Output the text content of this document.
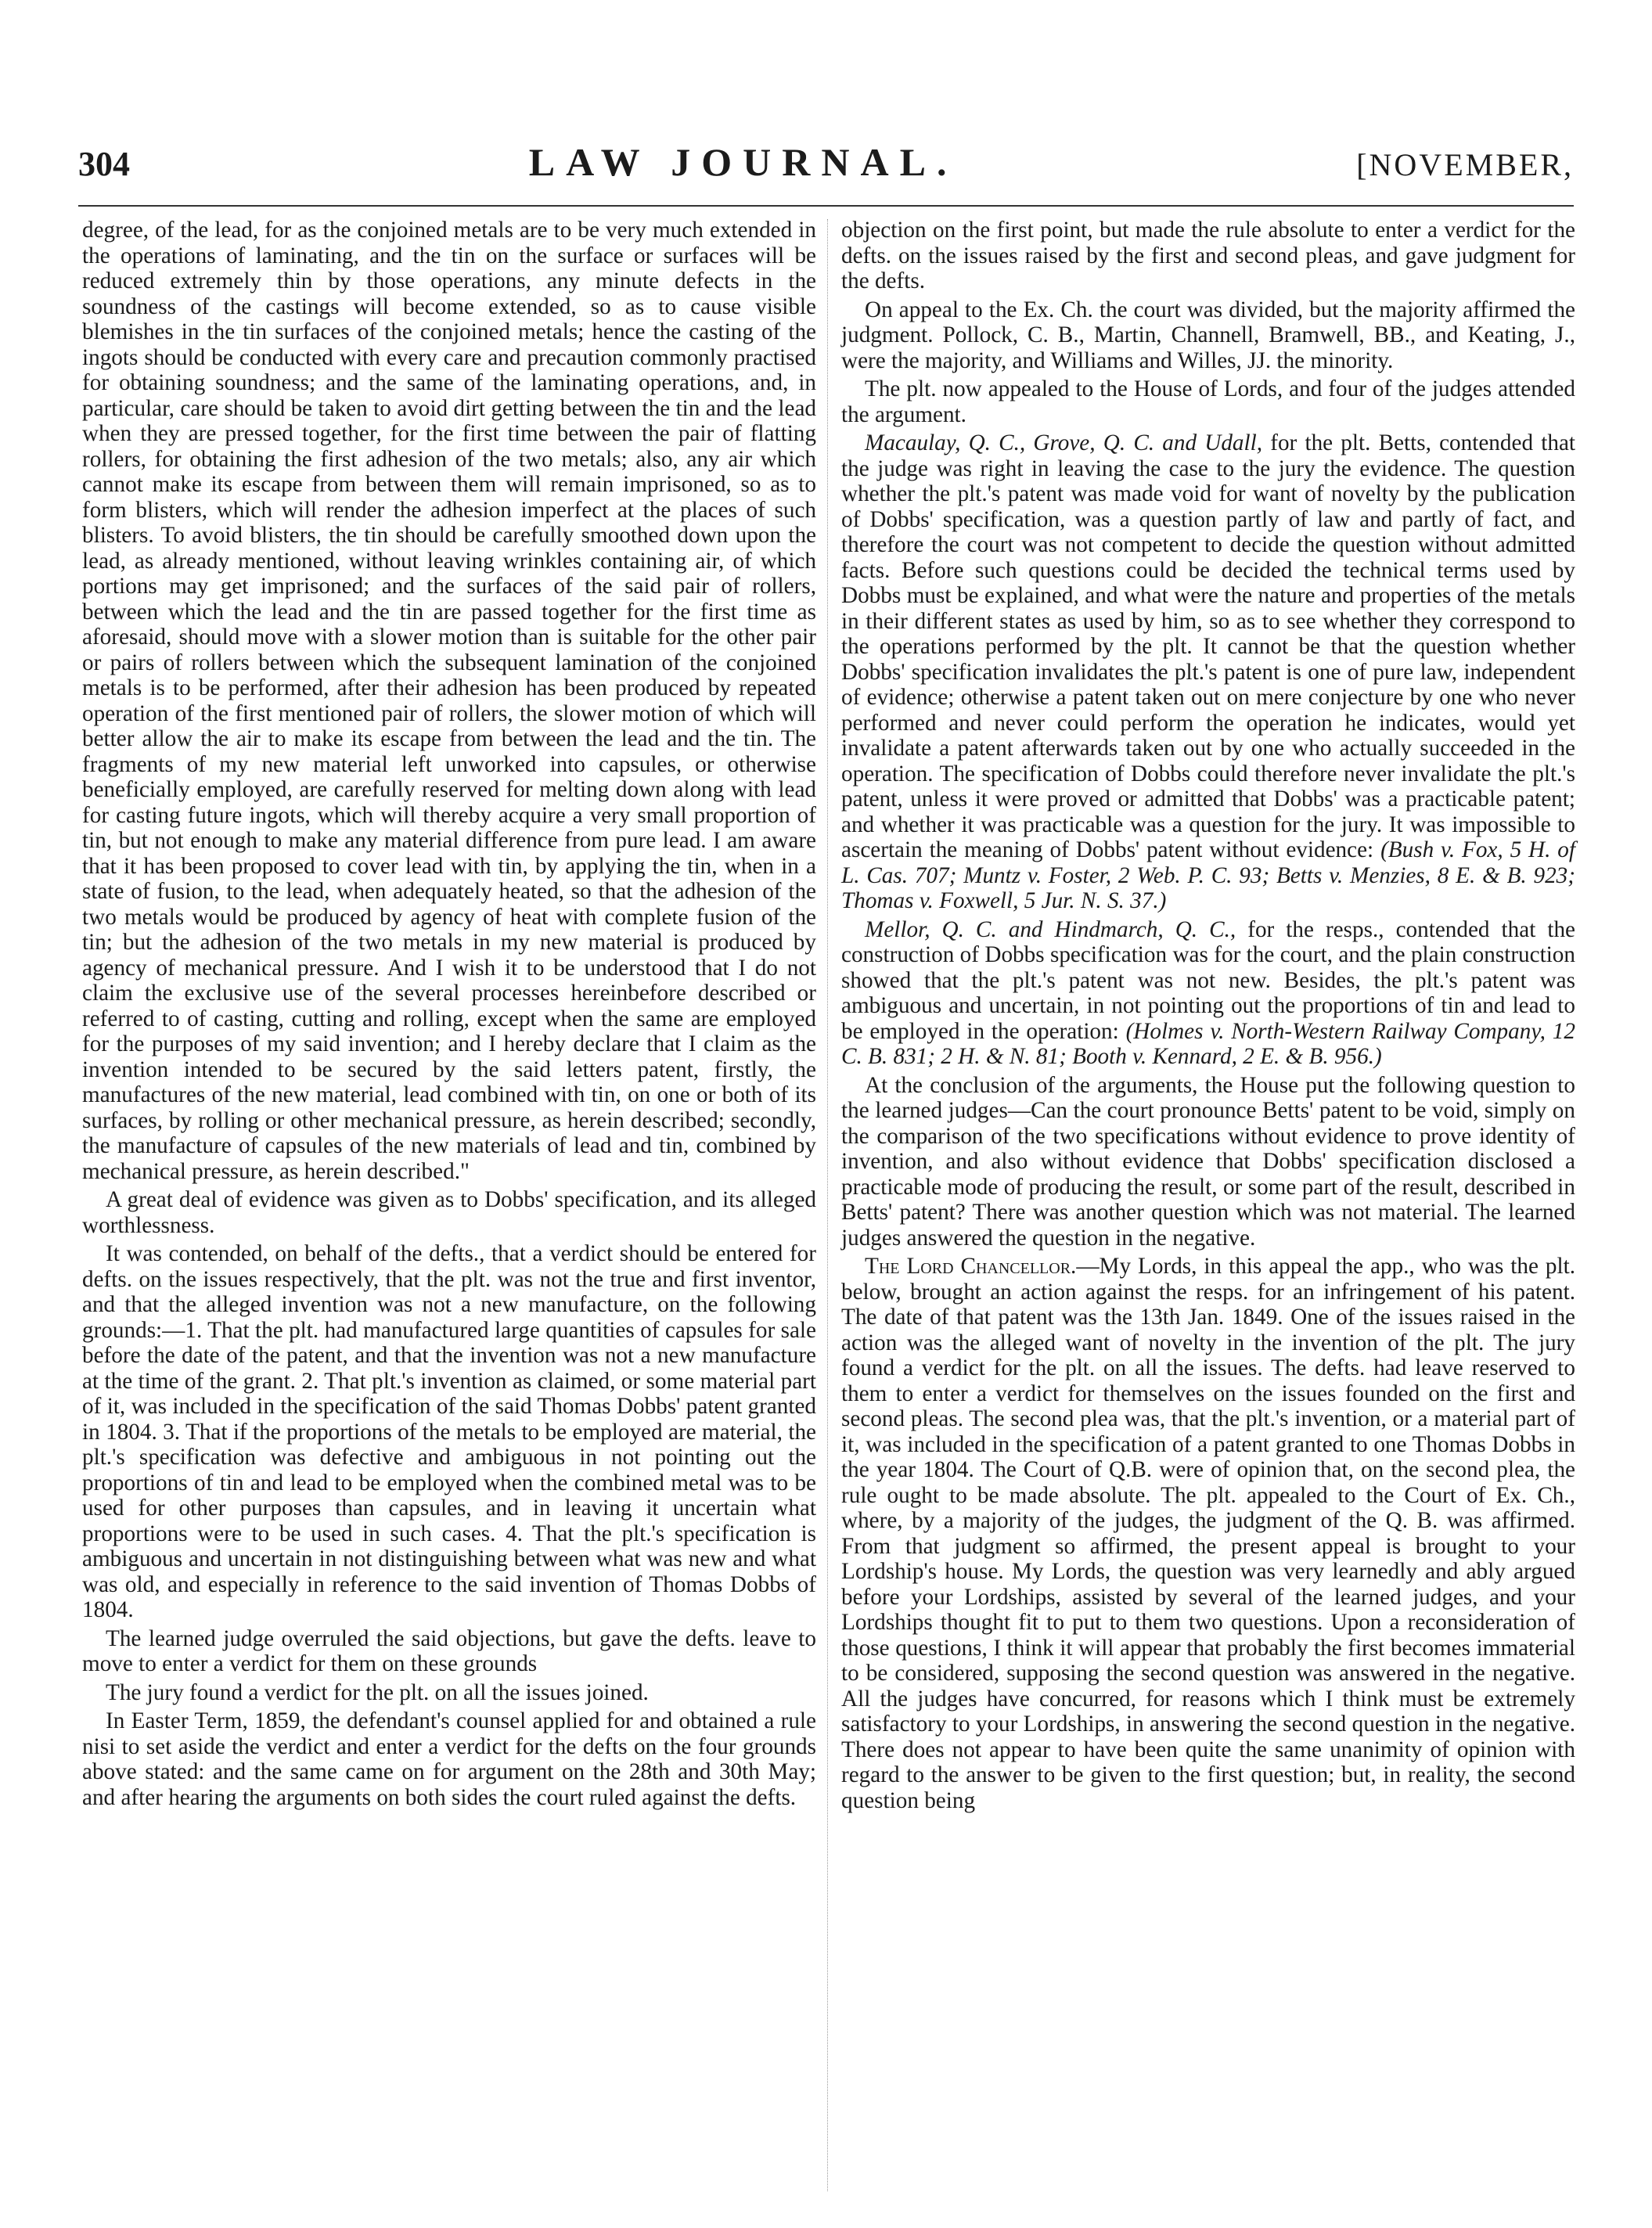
304	LAW JOURNAL.	[NOVEMBER,

degree, of the lead, for as the conjoined metals are to be very much extended in the operations of laminating, and the tin on the surface or surfaces will be reduced extremely thin by those operations, any minute defects in the soundness of the castings will become extended, so as to cause visible blemishes in the tin surfaces of the conjoined metals; hence the casting of the ingots should be conducted with every care and precaution commonly practised for obtaining soundness; and the same of the laminating operations, and, in particular, care should be taken to avoid dirt getting between the tin and the lead when they are pressed together, for the first time between the pair of flatting rollers, for obtaining the first adhesion of the two metals; also, any air which cannot make its escape from between them will remain imprisoned, so as to form blisters, which will render the adhesion imperfect at the places of such blisters. To avoid blisters, the tin should be carefully smoothed down upon the lead, as already mentioned, without leaving wrinkles containing air, of which portions may get imprisoned; and the surfaces of the said pair of rollers, between which the lead and the tin are passed together for the first time as aforesaid, should move with a slower motion than is suitable for the other pair or pairs of rollers between which the subsequent lamination of the conjoined metals is to be performed, after their adhesion has been produced by repeated operation of the first mentioned pair of rollers, the slower motion of which will better allow the air to make its escape from between the lead and the tin. The fragments of my new material left unworked into capsules, or otherwise beneficially employed, are carefully reserved for melting down along with lead for casting future ingots, which will thereby acquire a very small proportion of tin, but not enough to make any material difference from pure lead. I am aware that it has been proposed to cover lead with tin, by applying the tin, when in a state of fusion, to the lead, when adequately heated, so that the adhesion of the two metals would be produced by agency of heat with complete fusion of the tin; but the adhesion of the two metals in my new material is produced by agency of mechanical pressure. And I wish it to be understood that I do not claim the exclusive use of the several processes hereinbefore described or referred to of casting, cutting and rolling, except when the same are employed for the purposes of my said invention; and I hereby declare that I claim as the invention intended to be secured by the said letters patent, firstly, the manufactures of the new material, lead combined with tin, on one or both of its surfaces, by rolling or other mechanical pressure, as herein described; secondly, the manufacture of capsules of the new materials of lead and tin, combined by mechanical pressure, as herein described."

A great deal of evidence was given as to Dobbs' specification, and its alleged worthlessness.

It was contended, on behalf of the defts., that a verdict should be entered for defts. on the issues respectively, that the plt. was not the true and first inventor, and that the alleged invention was not a new manufacture, on the following grounds:—1. That the plt. had manufactured large quantities of capsules for sale before the date of the patent, and that the invention was not a new manufacture at the time of the grant. 2. That plt.'s invention as claimed, or some material part of it, was included in the specification of the said Thomas Dobbs' patent granted in 1804. 3. That if the proportions of the metals to be employed are material, the plt.'s specification was defective and ambiguous in not pointing out the proportions of tin and lead to be employed when the combined metal was to be used for other purposes than capsules, and in leaving it uncertain what proportions were to be used in such cases. 4. That the plt.'s specification is ambiguous and uncertain in not distinguishing between what was new and what was old, and especially in reference to the said invention of Thomas Dobbs of 1804.

The learned judge overruled the said objections, but gave the defts. leave to move to enter a verdict for them on these grounds

The jury found a verdict for the plt. on all the issues joined.

In Easter Term, 1859, the defendant's counsel applied for and obtained a rule nisi to set aside the verdict and enter a verdict for the defts on the four grounds above stated: and the same came on for argument on the 28th and 30th May; and after hearing the arguments on both sides the court ruled against the defts.

objection on the first point, but made the rule absolute to enter a verdict for the defts. on the issues raised by the first and second pleas, and gave judgment for the defts.

On appeal to the Ex. Ch. the court was divided, but the majority affirmed the judgment. Pollock, C. B., Martin, Channell, Bramwell, BB., and Keating, J., were the majority, and Williams and Willes, JJ. the minority.

The plt. now appealed to the House of Lords, and four of the judges attended the argument.

Macaulay, Q. C., Grove, Q. C. and Udall, for the plt. Betts, contended that the judge was right in leaving the case to the jury the evidence. The question whether the plt.'s patent was made void for want of novelty by the publication of Dobbs' specification, was a question partly of law and partly of fact, and therefore the court was not competent to decide the question without admitted facts. Before such questions could be decided the technical terms used by Dobbs must be explained, and what were the nature and properties of the metals in their different states as used by him, so as to see whether they correspond to the operations performed by the plt. It cannot be that the question whether Dobbs' specification invalidates the plt.'s patent is one of pure law, independent of evidence; otherwise a patent taken out on mere conjecture by one who never performed and never could perform the operation he indicates, would yet invalidate a patent afterwards taken out by one who actually succeeded in the operation. The specification of Dobbs could therefore never invalidate the plt.'s patent, unless it were proved or admitted that Dobbs' was a practicable patent; and whether it was practicable was a question for the jury. It was impossible to ascertain the meaning of Dobbs' patent without evidence: (Bush v. Fox, 5 H. of L. Cas. 707; Muntz v. Foster, 2 Web. P. C. 93; Betts v. Menzies, 8 E. & B. 923; Thomas v. Foxwell, 5 Jur. N. S. 37.)

Mellor, Q. C. and Hindmarch, Q. C., for the resps., contended that the construction of Dobbs specification was for the court, and the plain construction showed that the plt.'s patent was not new. Besides, the plt.'s patent was ambiguous and uncertain, in not pointing out the proportions of tin and lead to be employed in the operation: (Holmes v. North-Western Railway Company, 12 C. B. 831; 2 H. & N. 81; Booth v. Kennard, 2 E. & B. 956.)

At the conclusion of the arguments, the House put the following question to the learned judges—Can the court pronounce Betts' patent to be void, simply on the comparison of the two specifications without evidence to prove identity of invention, and also without evidence that Dobbs' specification disclosed a practicable mode of producing the result, or some part of the result, described in Betts' patent? There was another question which was not material. The learned judges answered the question in the negative.

The Lord Chancellor.—My Lords, in this appeal the app., who was the plt. below, brought an action against the resps. for an infringement of his patent. The date of that patent was the 13th Jan. 1849. One of the issues raised in the action was the alleged want of novelty in the invention of the plt. The jury found a verdict for the plt. on all the issues. The defts. had leave reserved to them to enter a verdict for themselves on the issues founded on the first and second pleas. The second plea was, that the plt.'s invention, or a material part of it, was included in the specification of a patent granted to one Thomas Dobbs in the year 1804. The Court of Q.B. were of opinion that, on the second plea, the rule ought to be made absolute. The plt. appealed to the Court of Ex. Ch., where, by a majority of the judges, the judgment of the Q. B. was affirmed. From that judgment so affirmed, the present appeal is brought to your Lordship's house. My Lords, the question was very learnedly and ably argued before your Lordships, assisted by several of the learned judges, and your Lordships thought fit to put to them two questions. Upon a reconsideration of those questions, I think it will appear that probably the first becomes immaterial to be considered, supposing the second question was answered in the negative. All the judges have concurred, for reasons which I think must be extremely satisfactory to your Lordships, in answering the second question in the negative. There does not appear to have been quite the same unanimity of opinion with regard to the answer to be given to the first question; but, in reality, the second question being
